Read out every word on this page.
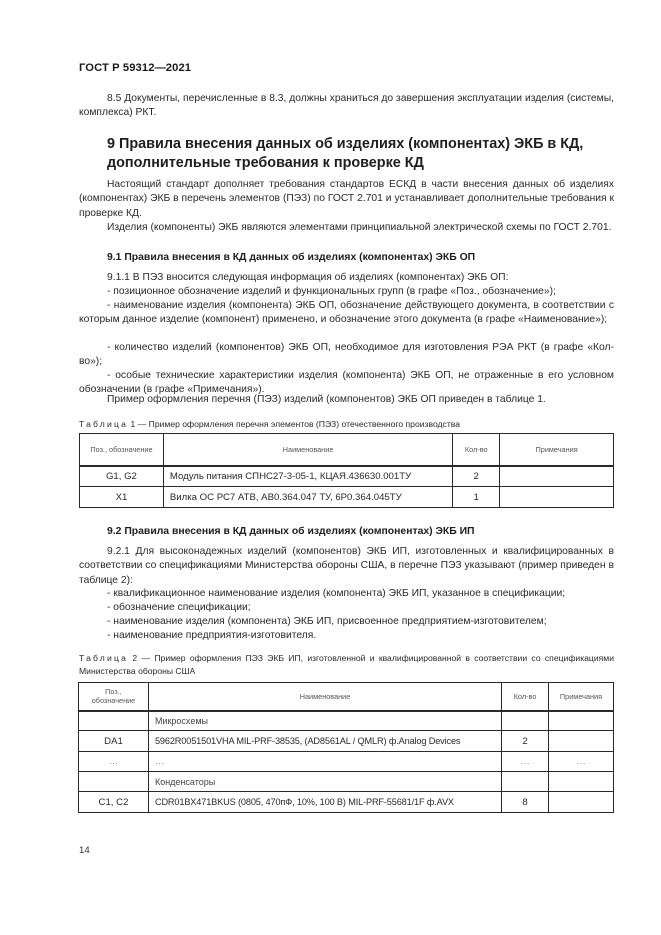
ГОСТ Р 59312—2021
8.5 Документы, перечисленные в 8.3, должны храниться до завершения эксплуатации изделия (системы, комплекса) РКТ.
9 Правила внесения данных об изделиях (компонентах) ЭКБ в КД,
дополнительные требования к проверке КД
Настоящий стандарт дополняет требования стандартов ЕСКД в части внесения данных об изделиях (компонентах) ЭКБ в перечень элементов (ПЭЗ) по ГОСТ 2.701 и устанавливает дополнительные требования к проверке КД.
Изделия (компоненты) ЭКБ являются элементами принципиальной электрической схемы по ГОСТ 2.701.
9.1 Правила внесения в КД данных об изделиях (компонентах) ЭКБ ОП
9.1.1 В ПЭЗ вносится следующая информация об изделиях (компонентах) ЭКБ ОП:
- позиционное обозначение изделий и функциональных групп (в графе «Поз., обозначение»);
- наименование изделия (компонента) ЭКБ ОП, обозначение действующего документа, в соответствии с которым данное изделие (компонент) применено, и обозначение этого документа (в графе «Наименование»);
- количество изделий (компонентов) ЭКБ ОП, необходимое для изготовления РЭА РКТ (в графе «Кол-во»);
- особые технические характеристики изделия (компонента) ЭКБ ОП, не отраженные в его условном обозначении (в графе «Примечания»).
Пример оформления перечня (ПЭЗ) изделий (компонентов) ЭКБ ОП приведен в таблице 1.
Таблица 1 — Пример оформления перечня элементов (ПЭЗ) отечественного производства
Поз., обозначение	Наименование	Кол-во	Примечания
G1, G2	Модуль питания СПНС27-3-05-1, КЦАЯ.436630.001ТУ	2	
X1	Вилка ОС РС7 АТВ, АВ0.364.047 ТУ, 6Р0.364.045ТУ	1	
9.2 Правила внесения в КД данных об изделиях (компонентах) ЭКБ ИП
9.2.1 Для высоконадежных изделий (компонентов) ЭКБ ИП, изготовленных и квалифицированных в соответствии со спецификациями Министерства обороны США, в перечне ПЭЗ указывают (пример приведен в таблице 2):
- квалификационное наименование изделия (компонента) ЭКБ ИП, указанное в спецификации;
- обозначение спецификации;
- наименование изделия (компонента) ЭКБ ИП, присвоенное предприятием-изготовителем;
- наименование предприятия-изготовителя.
Таблица 2 — Пример оформления ПЭЗ ЭКБ ИП, изготовленной и квалифицированной в соответствии со спецификациями Министерства обороны США
Поз., обозначение	Наименование	Кол-во	Примечания
	Микросхемы		
DA1	5962R0051501VHA MIL-PRF-38535, (AD8561AL / QMLR) ф.Analog Devices	2	
…	…	…	…
	Конденсаторы		
C1, C2	CDR01BX471BKUS (0805, 470пФ, 10%, 100 В) MIL-PRF-55681/1F ф.AVX	8	
14
